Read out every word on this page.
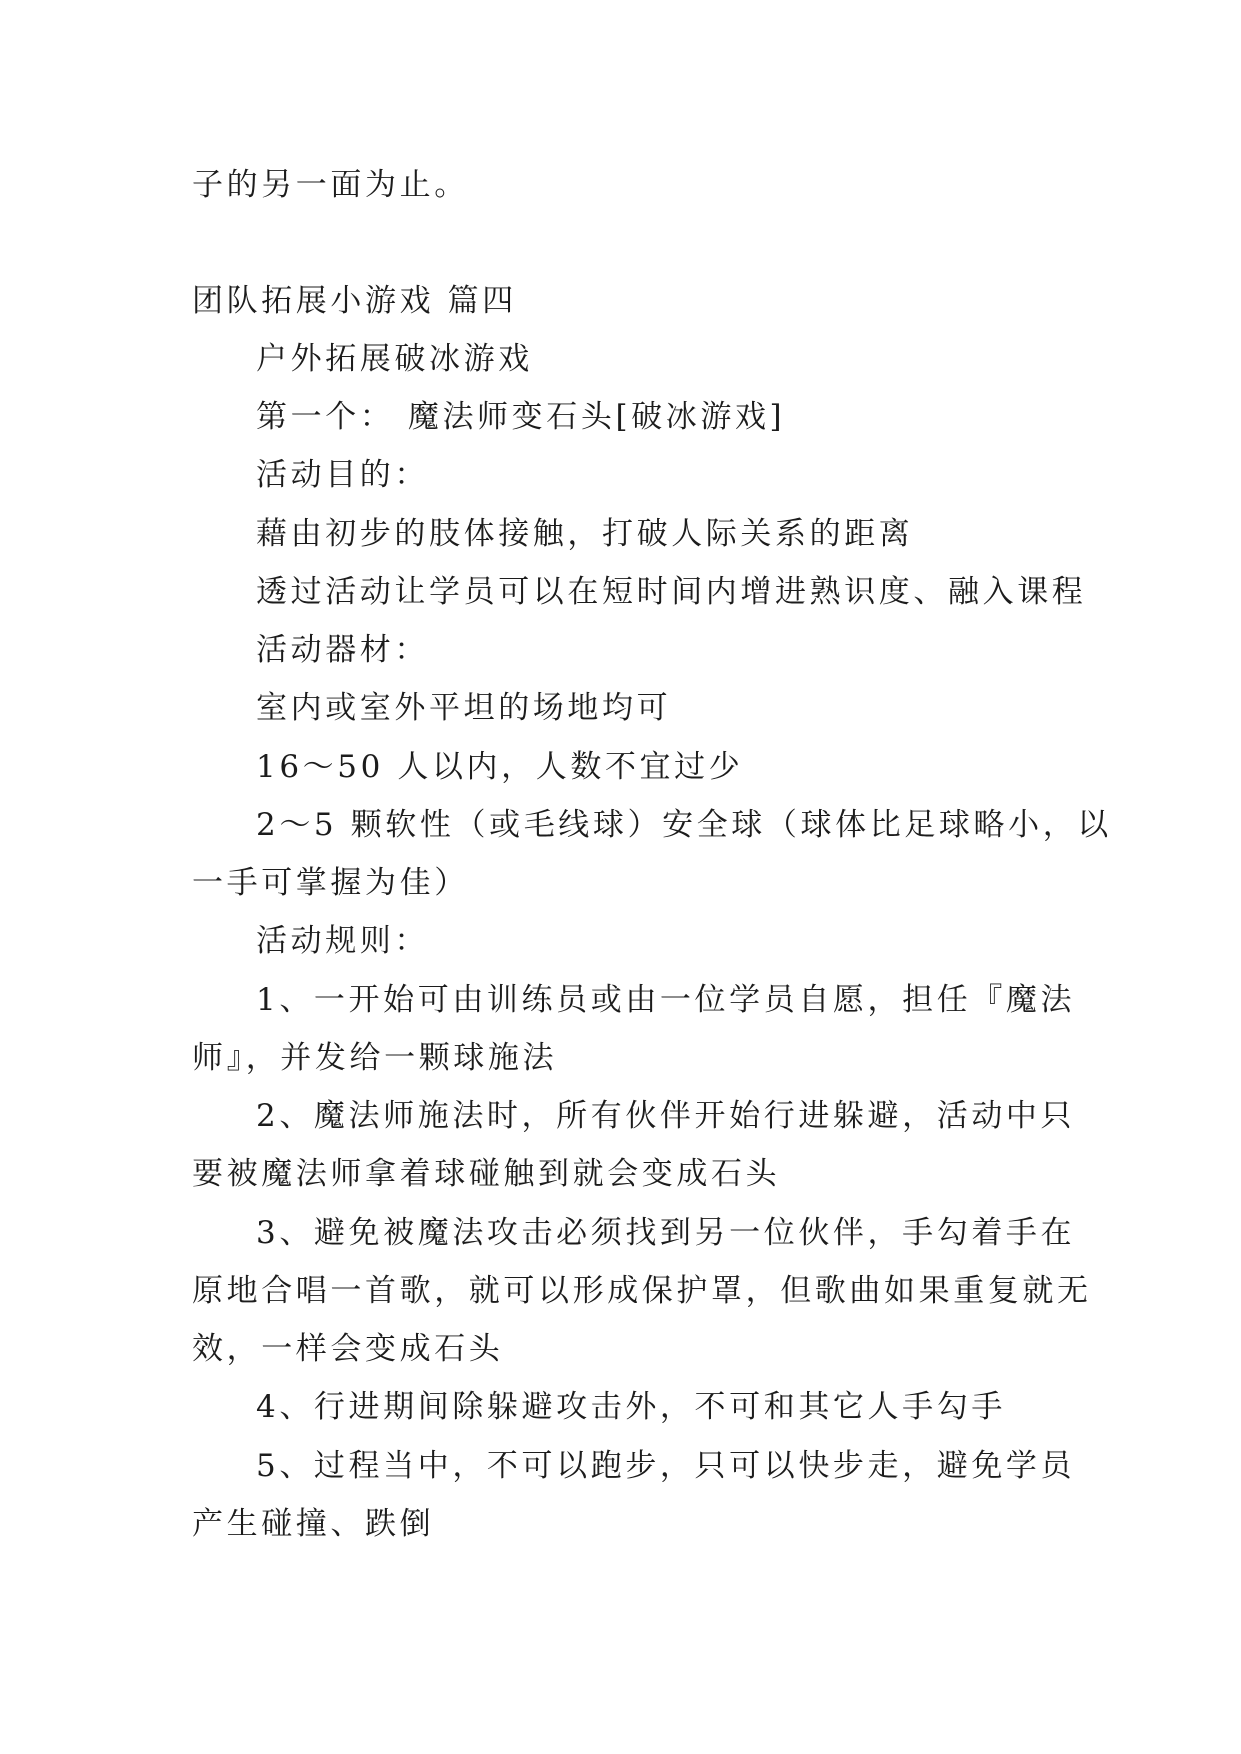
子的另一面为止。
团队拓展小游戏 篇四
户外拓展破冰游戏
第一个： 魔法师变石头[破冰游戏]
活动目的：
藉由初步的肢体接触，打破人际关系的距离
透过活动让学员可以在短时间内增进熟识度、融入课程
活动器材：
室内或室外平坦的场地均可
16～50 人以内，人数不宜过少
2～5 颗软性（或毛线球）安全球（球体比足球略小，以
一手可掌握为佳）
活动规则：
1、一开始可由训练员或由一位学员自愿，担任『魔法
师』，并发给一颗球施法
2、魔法师施法时，所有伙伴开始行进躲避，活动中只
要被魔法师拿着球碰触到就会变成石头
3、避免被魔法攻击必须找到另一位伙伴，手勾着手在
原地合唱一首歌，就可以形成保护罩，但歌曲如果重复就无
效，一样会变成石头
4、行进期间除躲避攻击外，不可和其它人手勾手
5、过程当中，不可以跑步，只可以快步走，避免学员
产生碰撞、跌倒
